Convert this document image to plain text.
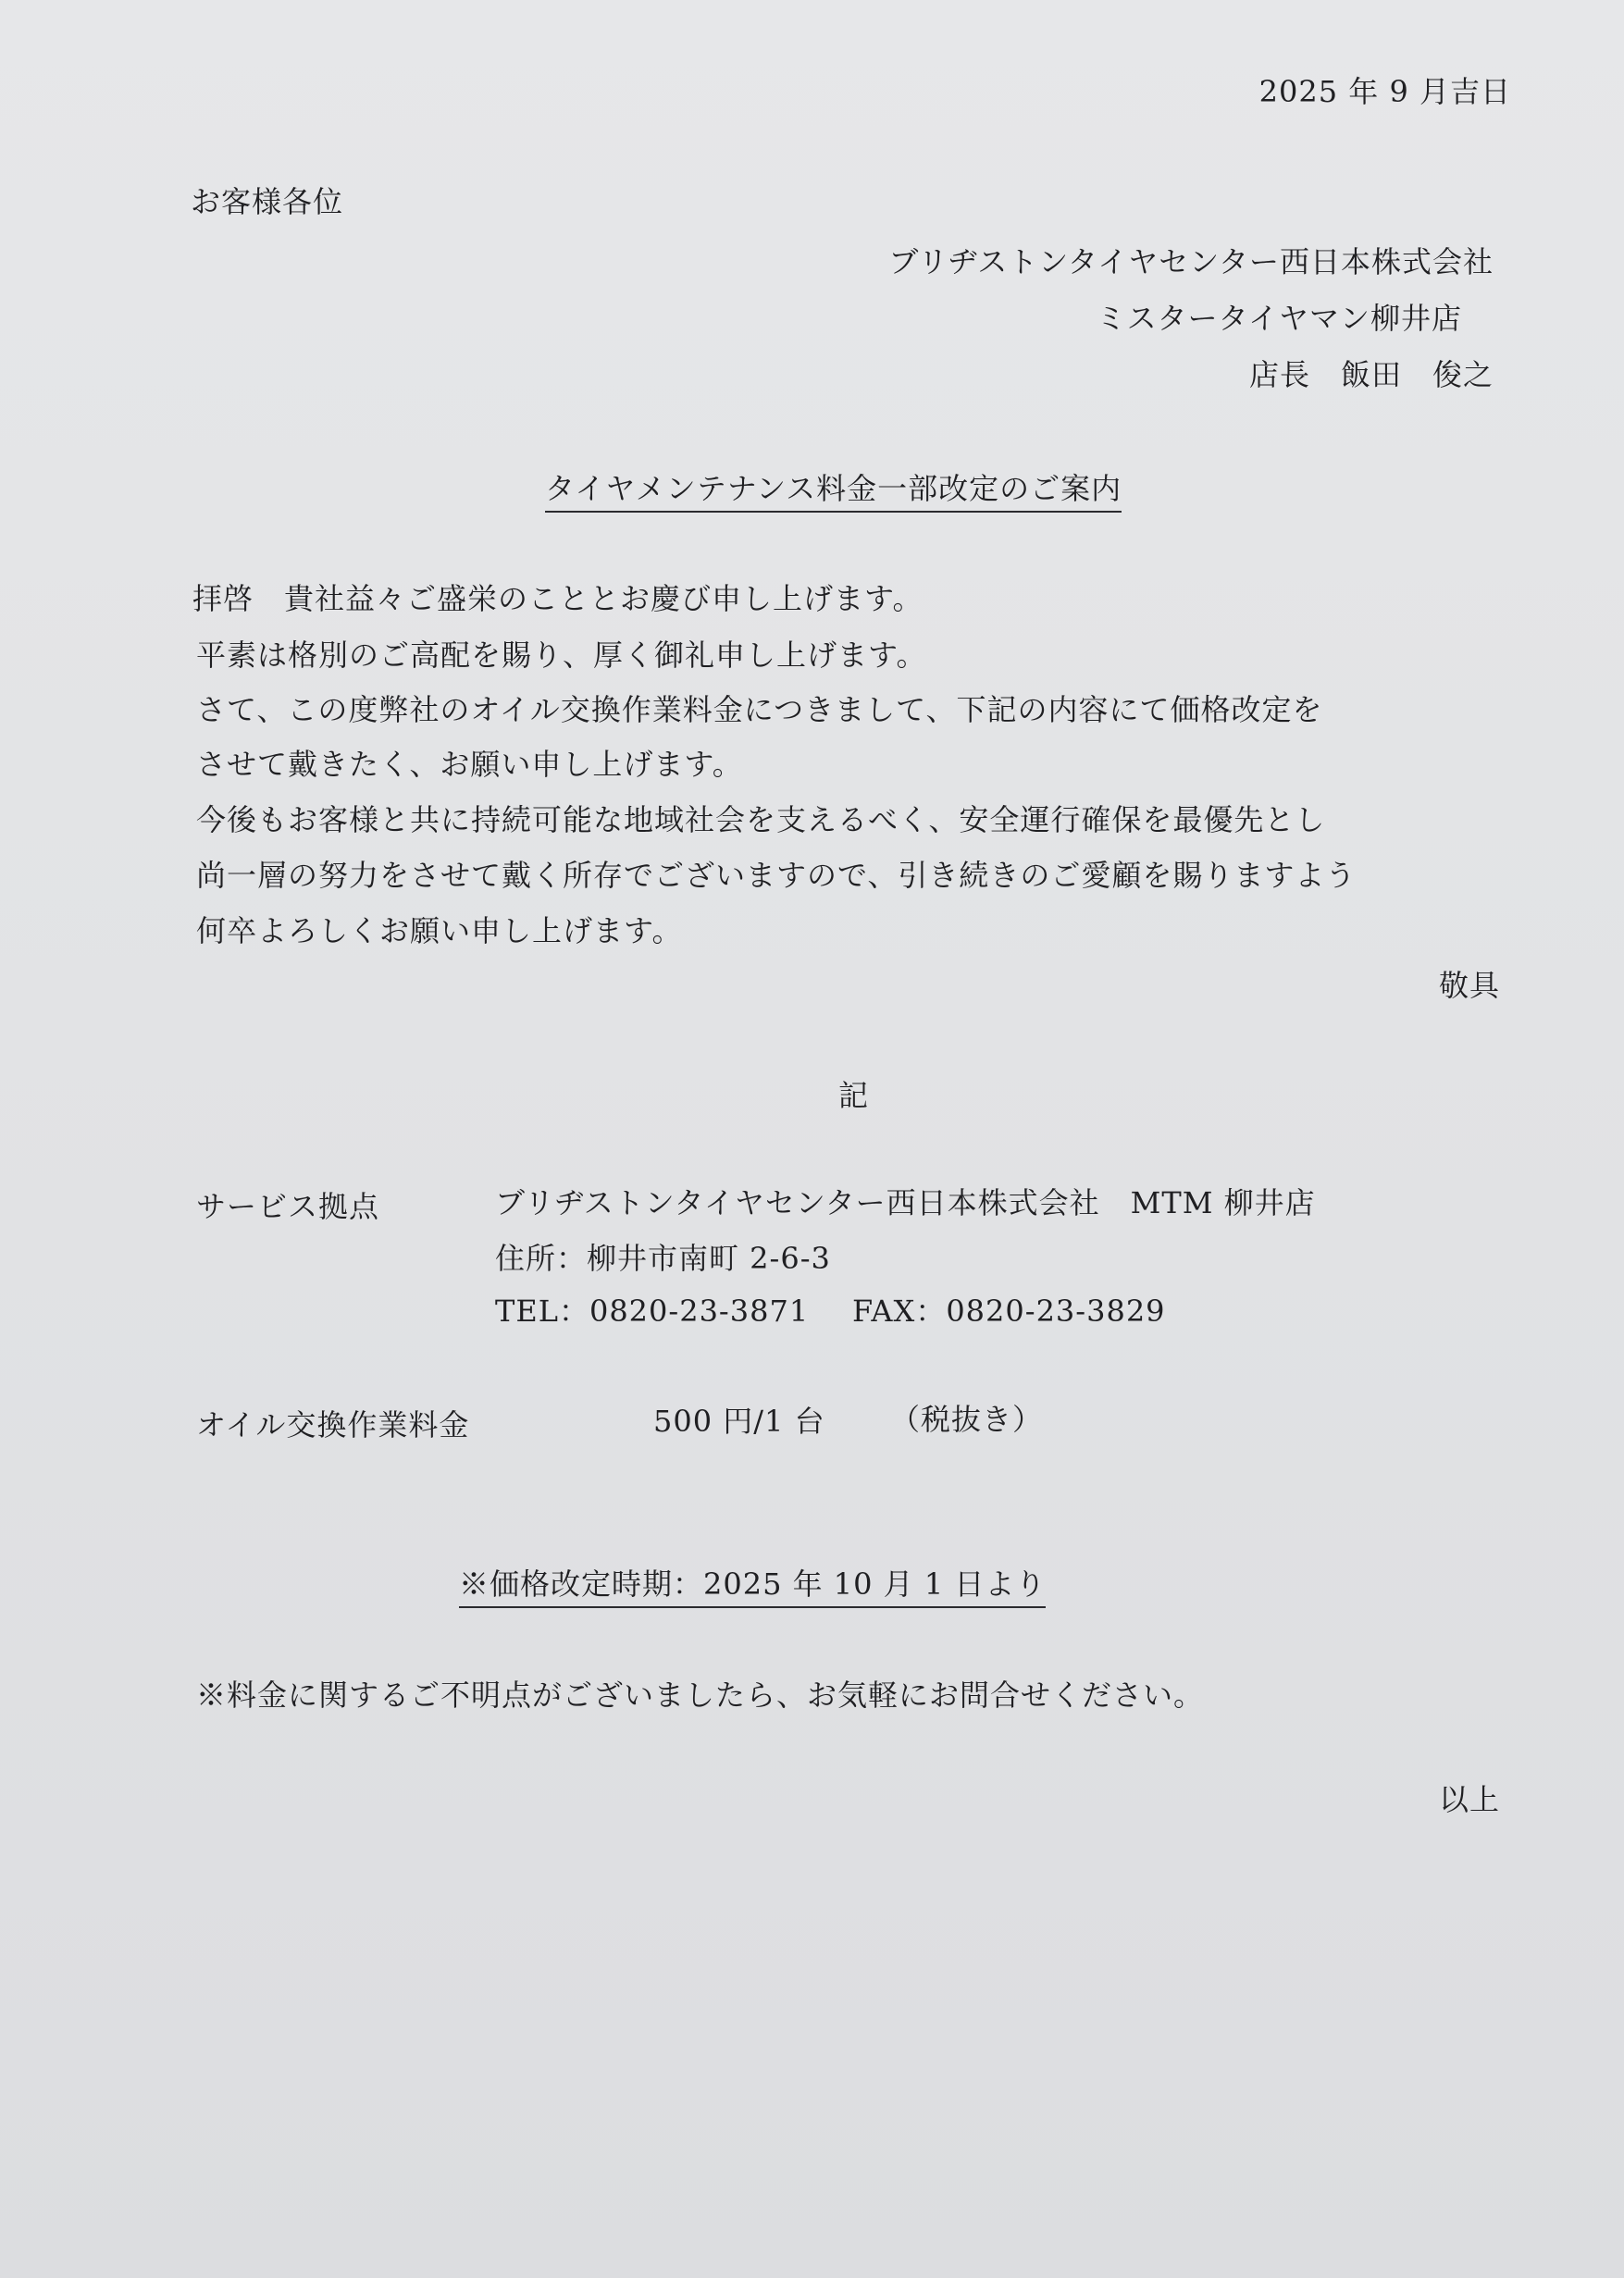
2025 年 9 月吉日
お客様各位
ブリヂストンタイヤセンター西日本株式会社
ミスタータイヤマン柳井店
店長　飯田　俊之
タイヤメンテナンス料金一部改定のご案内
拝啓　貴社益々ご盛栄のこととお慶び申し上げます。
平素は格別のご高配を賜り、厚く御礼申し上げます。
さて、この度弊社のオイル交換作業料金につきまして、下記の内容にて価格改定を
させて戴きたく、お願い申し上げます。
今後もお客様と共に持続可能な地域社会を支えるべく、安全運行確保を最優先とし
尚一層の努力をさせて戴く所存でございますので、引き続きのご愛顧を賜りますよう
何卒よろしくお願い申し上げます。
敬具
記
サービス拠点	ブリヂストンタイヤセンター西日本株式会社　MTM 柳井店
住所：柳井市南町 2-6-3
TEL：0820-23-3871 FAX：0820-23-3829
オイル交換作業料金	500 円/1 台 （税抜き）
※価格改定時期：2025 年 10 月 1 日より
※料金に関するご不明点がございましたら、お気軽にお問合せください。
以上
